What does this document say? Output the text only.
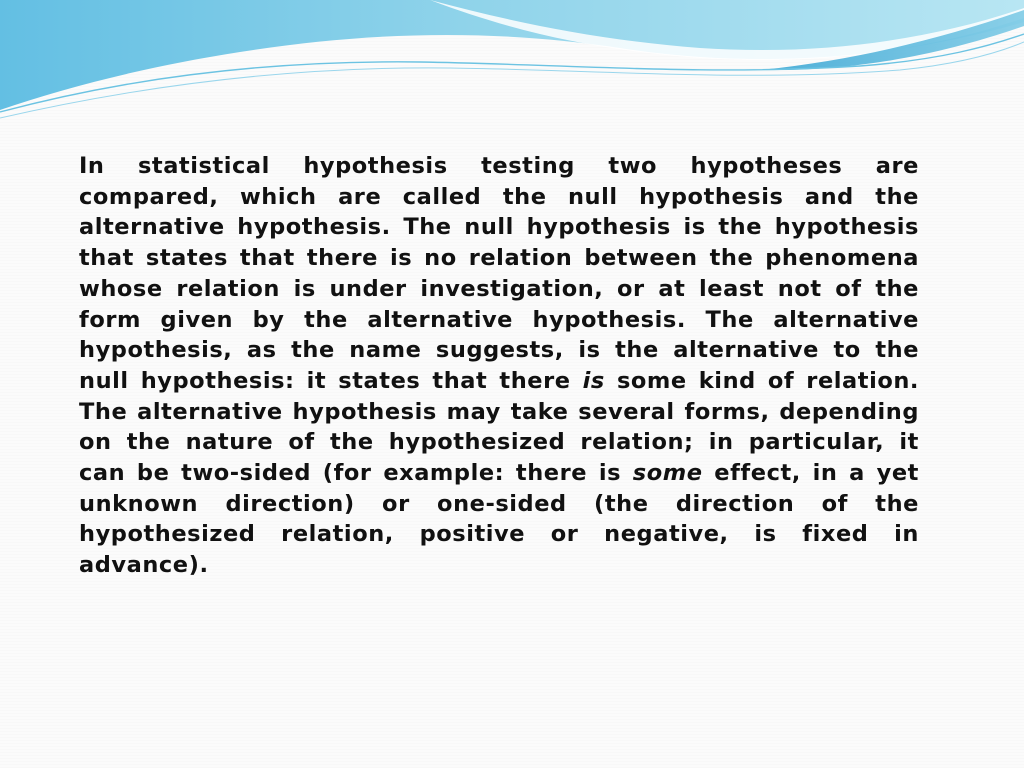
In statistical hypothesis testing two hypotheses are compared, which are called the null hypothesis and the alternative hypothesis. The null hypothesis is the hypothesis that states that there is no relation between the phenomena whose relation is under investigation, or at least not of the form given by the alternative hypothesis. The alternative hypothesis, as the name suggests, is the alternative to the null hypothesis: it states that there is some kind of relation. The alternative hypothesis may take several forms, depending on the nature of the hypothesized relation; in particular, it can be two-sided (for example: there is some effect, in a yet unknown direction) or one-sided (the direction of the hypothesized relation, positive or negative, is fixed in advance).
